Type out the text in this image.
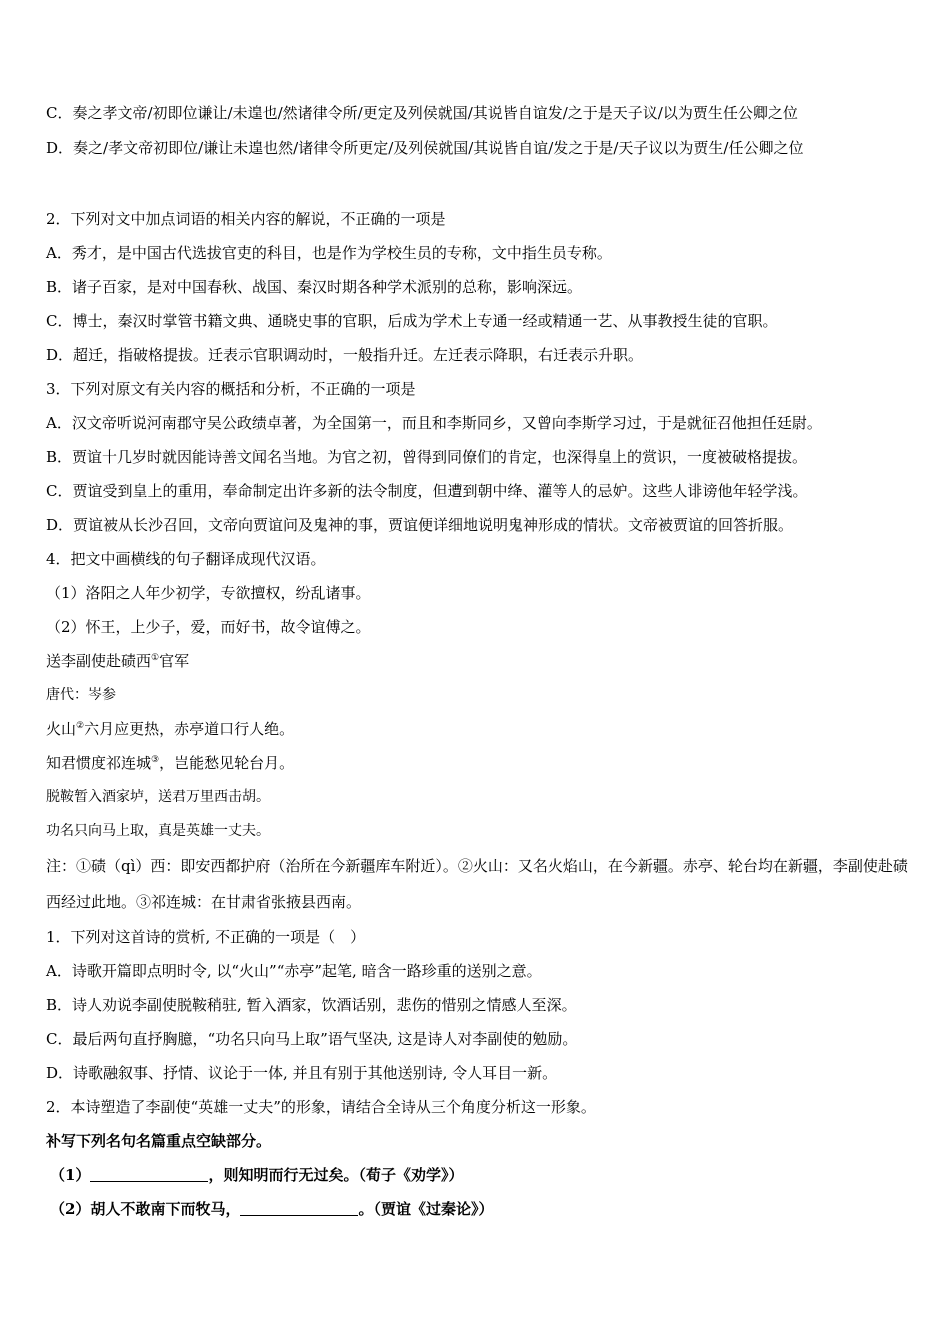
C．奏之孝文帝/初即位谦让/未遑也/然诸律令所/更定及列侯就国/其说皆自谊发/之于是天子议/以为贾生任公卿之位
D．奏之/孝文帝初即位/谦让未遑也然/诸律令所更定/及列侯就国/其说皆自谊/发之于是/天子议以为贾生/任公卿之位
2．下列对文中加点词语的相关内容的解说，不正确的一项是
A．秀才，是中国古代选拔官吏的科目，也是作为学校生员的专称，文中指生员专称。
B．诸子百家，是对中国春秋、战国、秦汉时期各种学术派别的总称，影响深远。
C．博士，秦汉时掌管书籍文典、通晓史事的官职，后成为学术上专通一经或精通一艺、从事教授生徒的官职。
D．超迁，指破格提拔。迁表示官职调动时，一般指升迁。左迁表示降职，右迁表示升职。
3．下列对原文有关内容的概括和分析，不正确的一项是
A．汉文帝听说河南郡守吴公政绩卓著，为全国第一，而且和李斯同乡，又曾向李斯学习过，于是就征召他担任廷尉。
B．贾谊十几岁时就因能诗善文闻名当地。为官之初，曾得到同僚们的肯定，也深得皇上的赏识，一度被破格提拔。
C．贾谊受到皇上的重用，奉命制定出许多新的法令制度，但遭到朝中绛、灌等人的忌妒。这些人诽谤他年轻学浅。
D．贾谊被从长沙召回，文帝向贾谊问及鬼神的事，贾谊便详细地说明鬼神形成的情状。文帝被贾谊的回答折服。
4．把文中画横线的句子翻译成现代汉语。
（1）洛阳之人年少初学，专欲擅权，纷乱诸事。
（2）怀王，上少子，爱，而好书，故令谊傅之。
送李副使赴碛西①官军
唐代：岑参
火山②六月应更热，赤亭道口行人绝。
知君惯度祁连城③，岂能愁见轮台月。
脱鞍暂入酒家垆，送君万里西击胡。
功名只向马上取，真是英雄一丈夫。
注：①碛（qì）西：即安西都护府（治所在今新疆库车附近）。②火山：又名火焰山，在今新疆。赤亭、轮台均在新疆，李副使赴碛西经过此地。③祁连城：在甘肃省张掖县西南。
1．下列对这首诗的赏析, 不正确的一项是（　）
A．诗歌开篇即点明时令, 以“火山”“赤亭”起笔, 暗含一路珍重的送别之意。
B．诗人劝说李副使脱鞍稍驻, 暂入酒家，饮酒话别，悲伤的惜别之情感人至深。
C．最后两句直抒胸臆，“功名只向马上取”语气坚决, 这是诗人对李副使的勉励。
D．诗歌融叙事、抒情、议论于一体, 并且有别于其他送别诗, 令人耳目一新。
2．本诗塑造了李副使“英雄一丈夫”的形象，请结合全诗从三个角度分析这一形象。
补写下列名句名篇重点空缺部分。
（1）	，则知明而行无过矣。（荀子《劝学》）
（2）胡人不敢南下而牧马，	。（贾谊《过秦论》）
